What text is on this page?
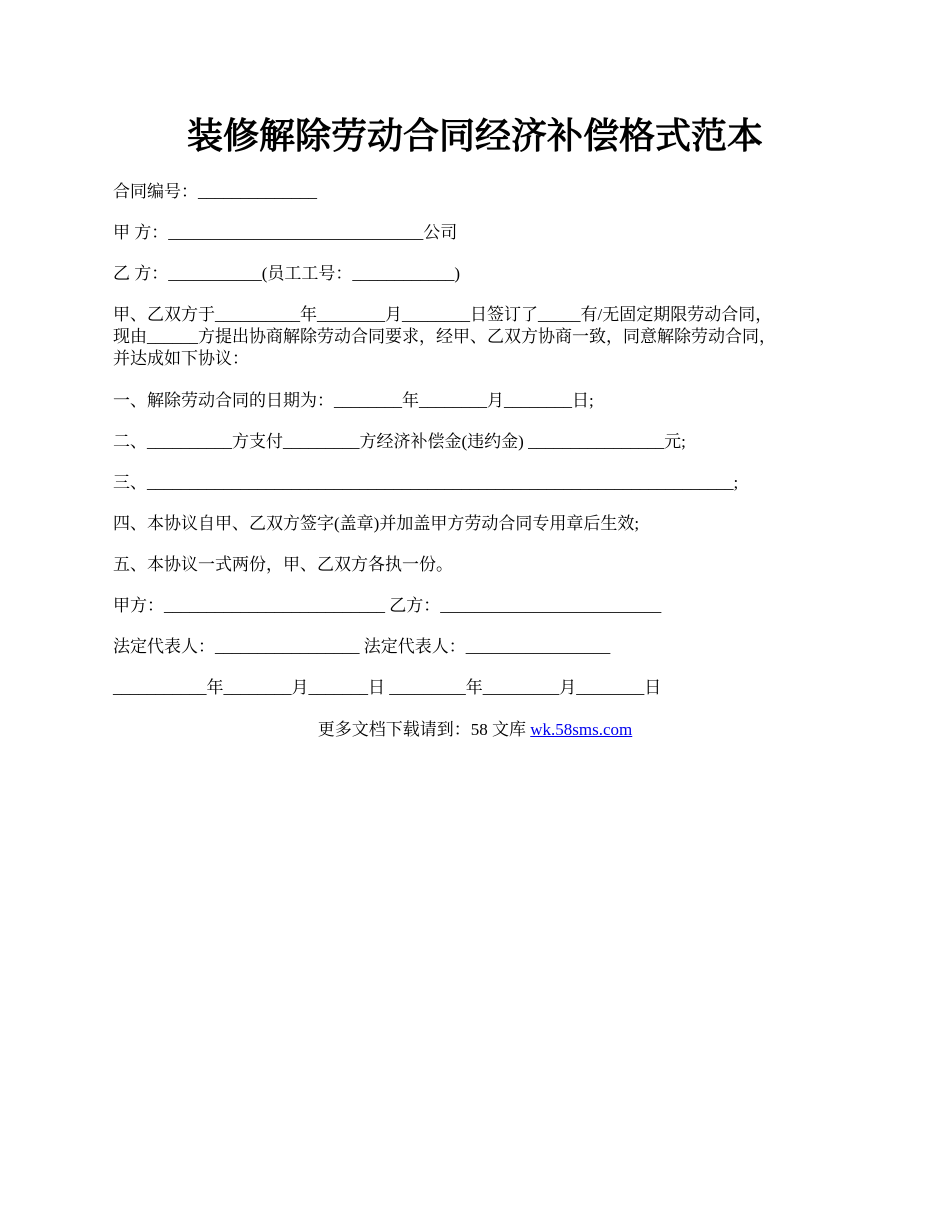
装修解除劳动合同经济补偿格式范本
合同编号：______________
甲 方：______________________________公司
乙 方：___________(员工工号：____________)
甲、乙双方于__________年________月________日签订了_____有/无固定期限劳动合同，
现由______方提出协商解除劳动合同要求，经甲、乙双方协商一致，同意解除劳动合同，
并达成如下协议：
一、解除劳动合同的日期为：________年________月________日;
二、__________方支付_________方经济补偿金(违约金) ________________元;
三、_____________________________________________________________________;
四、本协议自甲、乙双方签字(盖章)并加盖甲方劳动合同专用章后生效;
五、本协议一式两份，甲、乙双方各执一份。
甲方：__________________________ 乙方：__________________________
法定代表人：_________________ 法定代表人：_________________
___________年________月_______日 _________年_________月________日
更多文档下载请到：58 文库 wk.58sms.com
